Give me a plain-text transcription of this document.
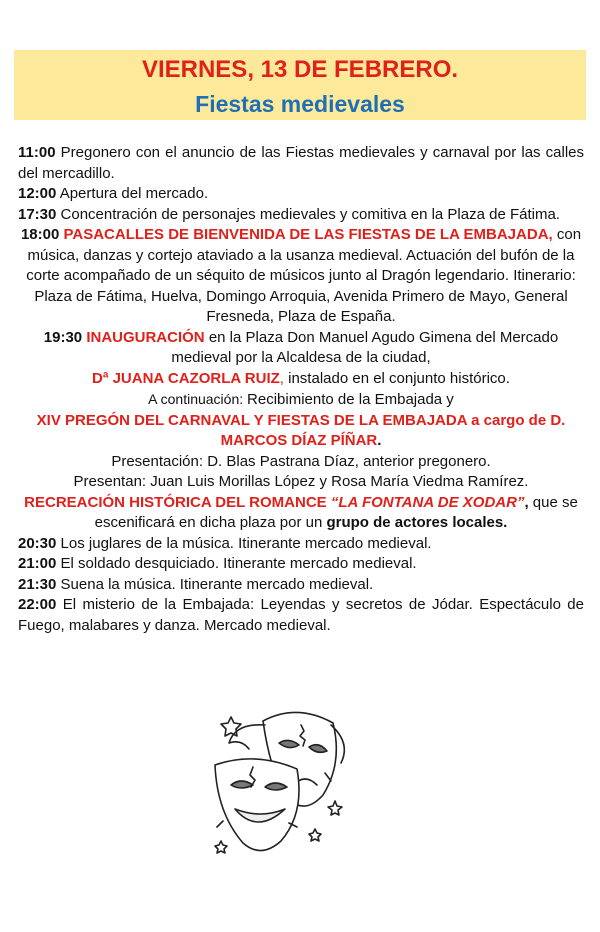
VIERNES, 13 DE FEBRERO.
Fiestas medievales

11:00 Pregonero con el anuncio de las Fiestas medievales y carnaval por las calles del mercadillo.

12:00 Apertura del mercado.

17:30 Concentración de personajes medievales y comitiva en la Plaza de Fátima.

18:00 PASACALLES DE BIENVENIDA DE LAS FIESTAS DE LA EMBAJADA, con música, danzas y cortejo ataviado a la usanza medieval. Actuación del bufón de la corte acompañado de un séquito de músicos junto al Dragón legendario. Itinerario: Plaza de Fátima, Huelva, Domingo Arroquia, Avenida Primero de Mayo, General Fresneda, Plaza de España.

19:30 INAUGURACIÓN en la Plaza Don Manuel Agudo Gimena del Mercado medieval por la Alcaldesa de la ciudad,

Dª JUANA CAZORLA RUIZ, instalado en el conjunto histórico.

A continuación: Recibimiento de la Embajada y

XIV PREGÓN DEL CARNAVAL Y FIESTAS DE LA EMBAJADA a cargo de D. MARCOS DÍAZ PÍÑAR.

Presentación: D. Blas Pastrana Díaz, anterior pregonero.

Presentan: Juan Luis Morillas López y Rosa María Viedma Ramírez.

RECREACIÓN HISTÓRICA DEL ROMANCE “LA FONTANA DE XODAR”, que se escenificará en dicha plaza por un grupo de actores locales.

20:30 Los juglares de la música. Itinerante mercado medieval.

21:00 El soldado desquiciado. Itinerante mercado medieval.

21:30 Suena la música. Itinerante mercado medieval.

22:00 El misterio de la Embajada: Leyendas y secretos de Jódar. Espectáculo de Fuego, malabares y danza. Mercado medieval.
